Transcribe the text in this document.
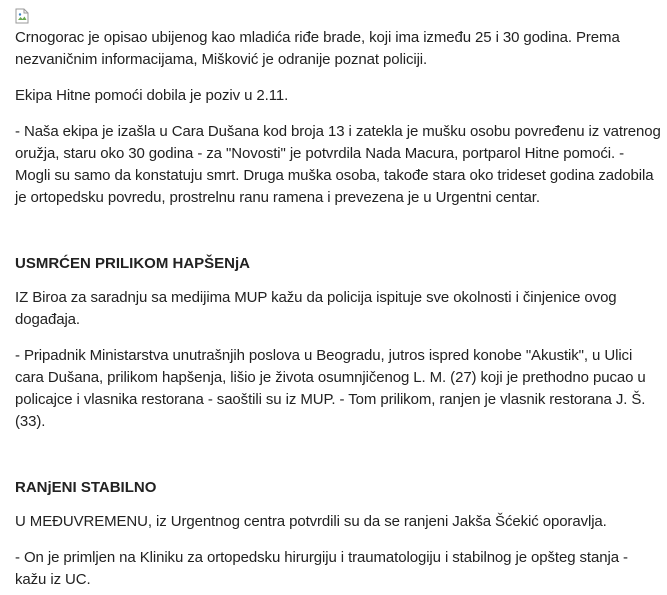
Crnogorac je opisao ubijenog kao mladića riđe brade, koji ima između 25 i 30 godina. Prema nezvaničnim informacijama, Mišković je odranije poznat policiji.

Ekipa Hitne pomoći dobila je poziv u 2.11.

- Naša ekipa je izašla u Cara Dušana kod broja 13 i zatekla je mušku osobu povređenu iz vatrenog oružja, staru oko 30 godina - za "Novosti" je potvrdila Nada Macura, portparol Hitne pomoći. - Mogli su samo da konstatuju smrt. Druga muška osoba, takođe stara oko trideset godina zadobila je ortopedsku povredu, prostrelnu ranu ramena i prevezena je u Urgentni centar.

USMRĆEN PRILIKOM HAPŠENjA

IZ Biroa za saradnju sa medijima MUP kažu da policija ispituje sve okolnosti i činjenice ovog događaja.

- Pripadnik Ministarstva unutrašnjih poslova u Beogradu, jutros ispred konobe "Akustik", u Ulici cara Dušana, prilikom hapšenja, lišio je života osumnjičenog L. M. (27) koji je prethodno pucao u policajce i vlasnika restorana - saoštili su iz MUP. - Tom prilikom, ranjen je vlasnik restorana J. Š. (33).

RANjENI STABILNO

U MEĐUVREMENU, iz Urgentnog centra potvrdili su da se ranjeni Jakša Šćekić oporavlja.

- On je primljen na Kliniku za ortopedsku hirurgiju i traumatologiju i stabilnog je opšteg stanja - kažu iz UC.
